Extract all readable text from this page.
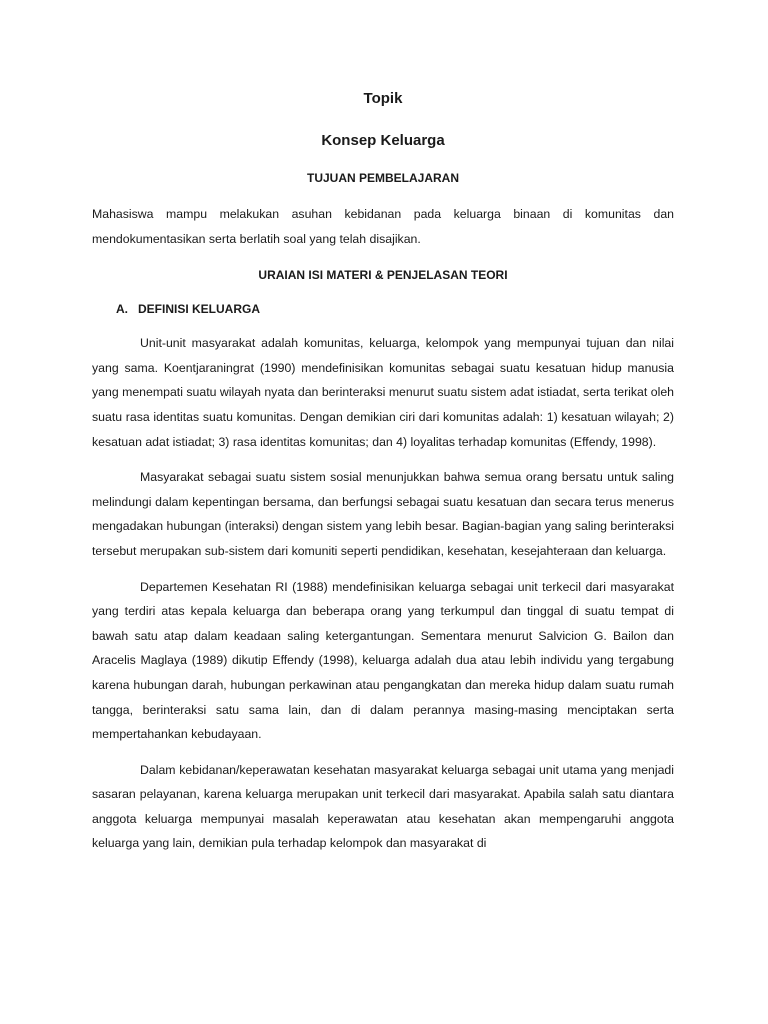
Topik
Konsep Keluarga
TUJUAN PEMBELAJARAN

Mahasiswa mampu melakukan asuhan kebidanan pada keluarga binaan di komunitas dan mendokumentasikan serta berlatih soal yang telah disajikan.

URAIAN ISI MATERI & PENJELASAN TEORI
A. DEFINISI KELUARGA

Unit-unit masyarakat adalah komunitas, keluarga, kelompok yang mempunyai tujuan dan nilai yang sama. Koentjaraningrat (1990) mendefinisikan komunitas sebagai suatu kesatuan hidup manusia yang menempati suatu wilayah nyata dan berinteraksi menurut suatu sistem adat istiadat, serta terikat oleh suatu rasa identitas suatu komunitas. Dengan demikian ciri dari komunitas adalah: 1) kesatuan wilayah; 2) kesatuan adat istiadat; 3) rasa identitas komunitas; dan 4) loyalitas terhadap komunitas (Effendy, 1998).

Masyarakat sebagai suatu sistem sosial menunjukkan bahwa semua orang bersatu untuk saling melindungi dalam kepentingan bersama, dan berfungsi sebagai suatu kesatuan dan secara terus menerus mengadakan hubungan (interaksi) dengan sistem yang lebih besar. Bagian-bagian yang saling berinteraksi tersebut merupakan sub-sistem dari komuniti seperti pendidikan, kesehatan, kesejahteraan dan keluarga.

Departemen Kesehatan RI (1988) mendefinisikan keluarga sebagai unit terkecil dari masyarakat yang terdiri atas kepala keluarga dan beberapa orang yang terkumpul dan tinggal di suatu tempat di bawah satu atap dalam keadaan saling ketergantungan. Sementara menurut Salvicion G. Bailon dan Aracelis Maglaya (1989) dikutip Effendy (1998), keluarga adalah dua atau lebih individu yang tergabung karena hubungan darah, hubungan perkawinan atau pengangkatan dan mereka hidup dalam suatu rumah tangga, berinteraksi satu sama lain, dan di dalam perannya masing-masing menciptakan serta mempertahankan kebudayaan.

Dalam kebidanan/keperawatan kesehatan masyarakat keluarga sebagai unit utama yang menjadi sasaran pelayanan, karena keluarga merupakan unit terkecil dari masyarakat. Apabila salah satu diantara anggota keluarga mempunyai masalah keperawatan atau kesehatan akan mempengaruhi anggota keluarga yang lain, demikian pula terhadap kelompok dan masyarakat di
